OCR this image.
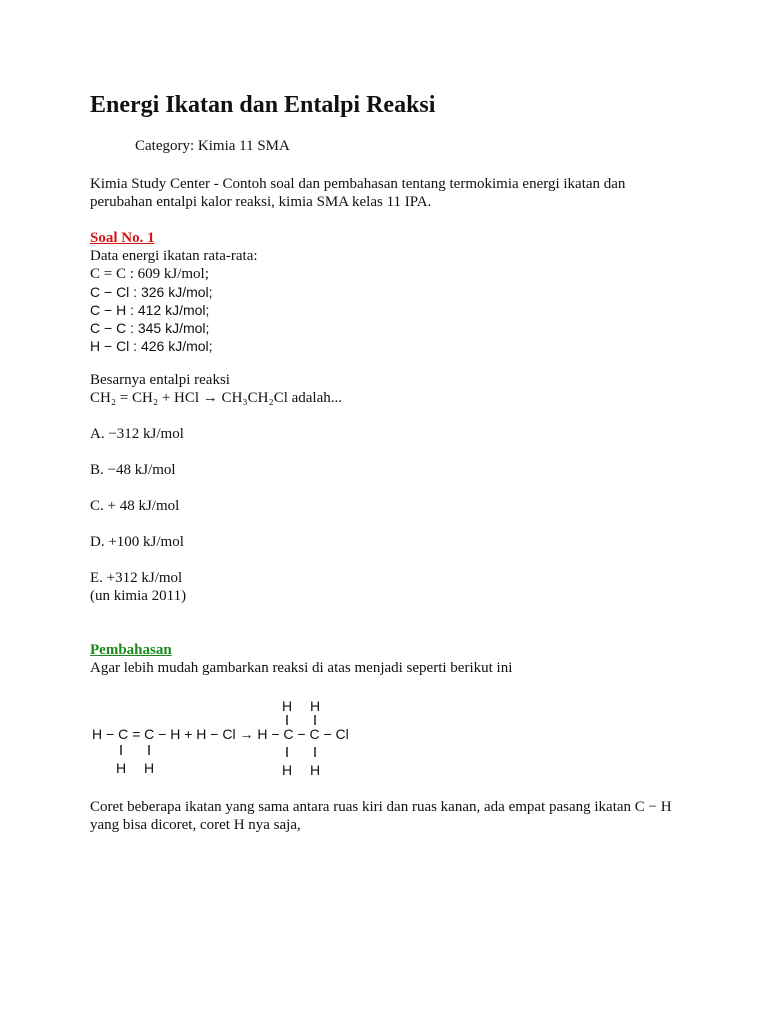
Energi Ikatan dan Entalpi Reaksi
Category: Kimia 11 SMA
Kimia Study Center - Contoh soal dan pembahasan tentang termokimia energi ikatan dan perubahan entalpi kalor reaksi, kimia SMA kelas 11 IPA.
Soal No. 1
Data energi ikatan rata-rata:
C = C : 609 kJ/mol;
C − Cl : 326 kJ/mol;
C − H : 412 kJ/mol;
C − C : 345 kJ/mol;
H − Cl : 426 kJ/mol;
Besarnya entalpi reaksi
CH₂ = CH₂ + HCl → CH₃CH₂Cl adalah...
A. −312 kJ/mol
B. −48 kJ/mol
C. + 48 kJ/mol
D. +100 kJ/mol
E. +312 kJ/mol
(un kimia 2011)
Pembahasan
Agar lebih mudah gambarkan reaksi di atas menjadi seperti berikut ini
Coret beberapa ikatan yang sama antara ruas kiri dan ruas kanan, ada empat pasang ikatan C − H yang bisa dicoret, coret H nya saja,
H H
H − C = C − H + H − Cl → H − C − C − Cl
H H	H H
